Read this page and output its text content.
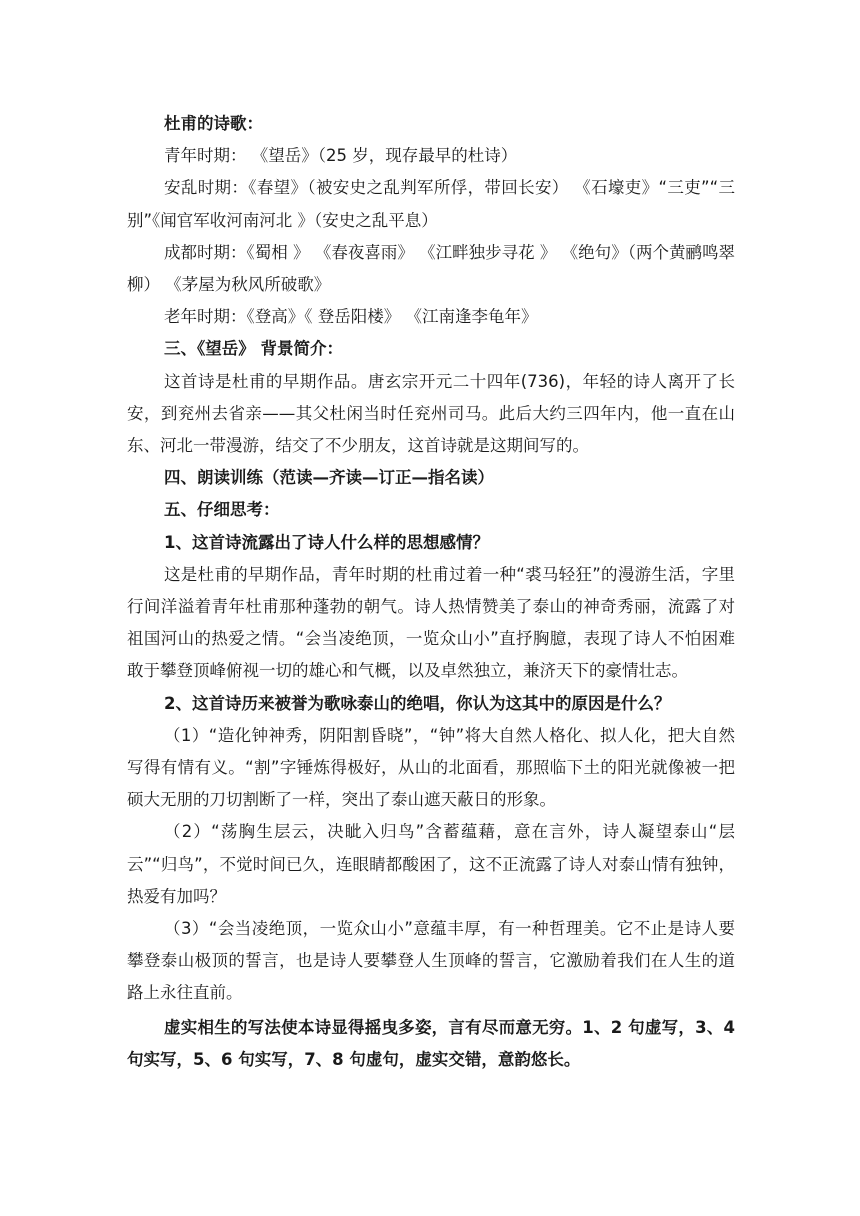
杜甫的诗歌：

青年时期： 《望岳》（25 岁，现存最早的杜诗）

安乱时期：《春望》（被安史之乱判军所俘，带回长安） 《石壕吏》“三吏”“三别”《闻官军收河南河北 》（安史之乱平息）

成都时期：《蜀相 》 《春夜喜雨》 《江畔独步寻花 》 《绝句》（两个黄鹂鸣翠柳） 《茅屋为秋风所破歌》

老年时期：《登高》《 登岳阳楼》 《江南逢李龟年》

三、《望岳》 背景简介：

这首诗是杜甫的早期作品。唐玄宗开元二十四年(736)，年轻的诗人离开了长安，到兖州去省亲——其父杜闲当时任兖州司马。此后大约三四年内，他一直在山东、河北一带漫游，结交了不少朋友，这首诗就是这期间写的。

四、朗读训练（范读—齐读—订正—指名读）

五、仔细思考：

1、这首诗流露出了诗人什么样的思想感情？

这是杜甫的早期作品，青年时期的杜甫过着一种“裘马轻狂”的漫游生活，字里行间洋溢着青年杜甫那种蓬勃的朝气。诗人热情赞美了泰山的神奇秀丽，流露了对祖国河山的热爱之情。“会当凌绝顶，一览众山小”直抒胸臆，表现了诗人不怕困难敢于攀登顶峰俯视一切的雄心和气概，以及卓然独立，兼济天下的豪情壮志。

2、这首诗历来被誉为歌咏泰山的绝唱，你认为这其中的原因是什么？

（1）“造化钟神秀，阴阳割昏晓”，“钟”将大自然人格化、拟人化，把大自然写得有情有义。“割”字锤炼得极好，从山的北面看，那照临下土的阳光就像被一把硕大无朋的刀切割断了一样，突出了泰山遮天蔽日的形象。

（2）“荡胸生层云，决眦入归鸟”含蓄蕴藉，意在言外，诗人凝望泰山“层云”“归鸟”，不觉时间已久，连眼睛都酸困了，这不正流露了诗人对泰山情有独钟，热爱有加吗？

（3）“会当凌绝顶，一览众山小”意蕴丰厚，有一种哲理美。它不止是诗人要攀登泰山极顶的誓言，也是诗人要攀登人生顶峰的誓言，它激励着我们在人生的道路上永往直前。

虚实相生的写法使本诗显得摇曳多姿，言有尽而意无穷。1、2 句虚写，3、4 句实写，5、6 句实写，7、8 句虚句，虚实交错，意韵悠长。
